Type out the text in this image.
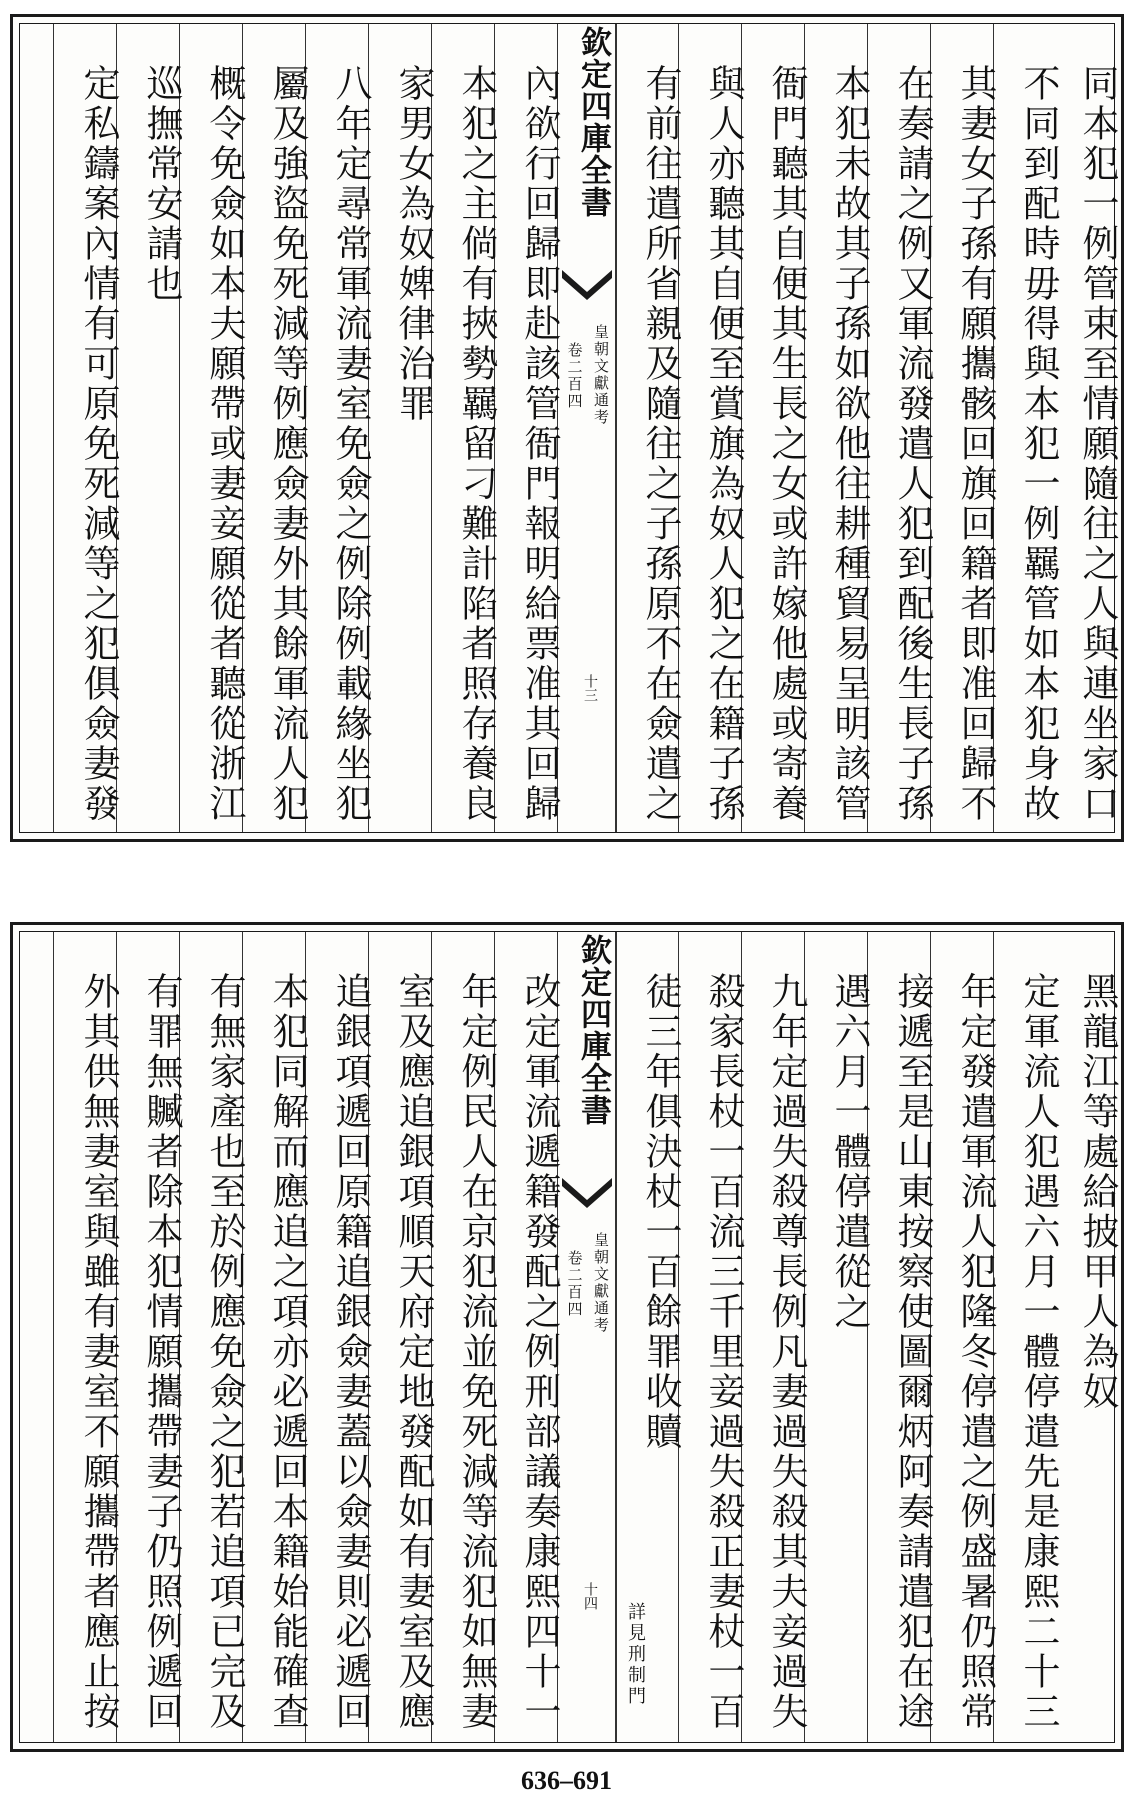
同本犯一例管束至情願隨往之人與連坐家口
不同到配時毋得與本犯一例羈管如本犯身故
其妻女子孫有願攜骸回旗回籍者即准回歸不
在奏請之例又軍流發遣人犯到配後生長子孫
本犯未故其子孫如欲他往耕種貿易呈明該管
衙門聽其自便其生長之女或許嫁他處或寄養
與人亦聽其自便至賞旗為奴人犯之在籍子孫
有前往遣所省親及隨往之子孫原不在僉遣之
欽定四庫全書
皇朝文獻通考
卷二百四
十三
內欲行回歸即赴該管衙門報明給票准其回歸
本犯之主倘有挾勢羈留刁難計陷者照存養良
家男女為奴婢律治罪
八年定尋常軍流妻室免僉之例除例載緣坐犯
屬及強盜免死減等例應僉妻外其餘軍流人犯
概令免僉如本夫願帶或妻妾願從者聽從浙江
巡撫常安請也
定私鑄案內情有可原免死減等之犯俱僉妻發
黑龍江等處給披甲人為奴
定軍流人犯遇六月一體停遣先是康熙二十三
年定發遣軍流人犯隆冬停遣之例盛暑仍照常
接遞至是山東按察使圖爾炳阿奏請遣犯在途
遇六月一體停遣從之
九年定過失殺尊長例凡妻過失殺其夫妾過失
殺家長杖一百流三千里妾過失殺正妻杖一百
徒三年俱決杖一百餘罪收贖
詳見刑制門
欽定四庫全書
皇朝文獻通考
卷二百四
十四
改定軍流遞籍發配之例刑部議奏康熙四十一
年定例民人在京犯流並免死減等流犯如無妻
室及應追銀項順天府定地發配如有妻室及應
追銀項遞回原籍追銀僉妻蓋以僉妻則必遞回
本犯同解而應追之項亦必遞回本籍始能確查
有無家產也至於例應免僉之犯若追項已完及
有罪無贓者除本犯情願攜帶妻子仍照例遞回
外其供無妻室與雖有妻室不願攜帶者應止按
636–691
